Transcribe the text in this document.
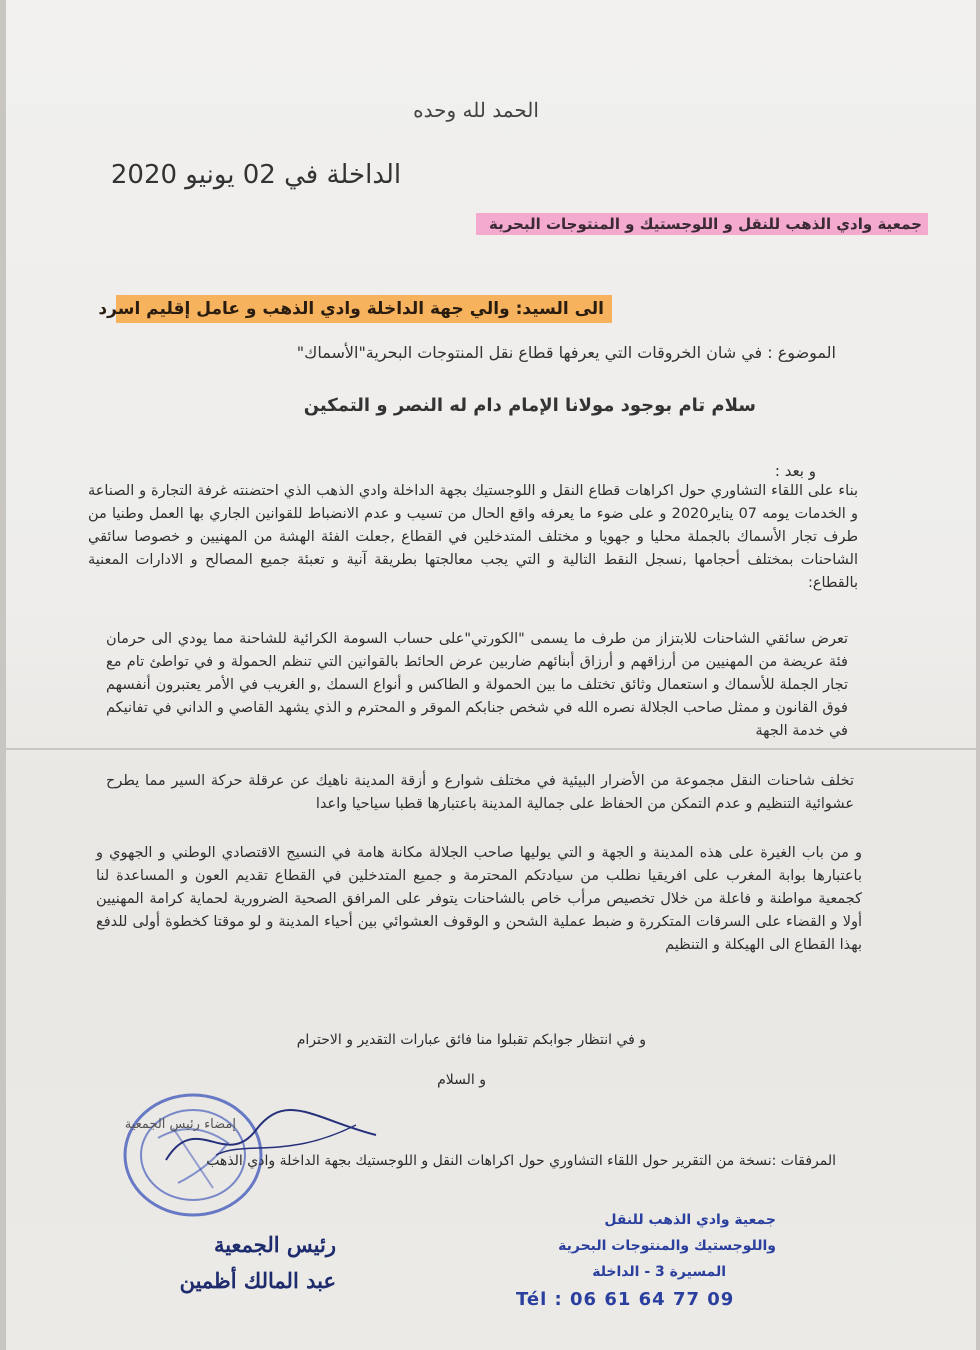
الحمد لله وحده
الداخلة في 02 يونيو 2020
جمعية وادي الذهب للنقل و اللوجستيك و المنتوجات البحرية
الى السيد: والي جهة الداخلة وادي الذهب و عامل إقليم اسرد
الموضوع : في شان الخروقات التي يعرفها قطاع نقل المنتوجات البحرية"الأسماك"
سلام تام بوجود مولانا الإمام دام له النصر و التمكين
و بعد :
بناء على اللقاء التشاوري حول اكراهات قطاع النقل و اللوجستيك بجهة الداخلة وادي الذهب الذي احتضنته غرفة التجارة و الصناعة و الخدمات يومه 07 يناير2020 و على ضوء ما يعرفه واقع الحال من تسيب و عدم الانضباط للقوانين الجاري بها العمل وطنيا من طرف تجار الأسماك بالجملة محليا و جهويا و مختلف المتدخلين في القطاع ,جعلت الفئة الهشة من المهنيين و خصوصا سائقي الشاحنات بمختلف أحجامها ,نسجل النقط التالية و التي يجب معالجتها بطريقة آنية و تعبئة جميع المصالح و الادارات المعنية بالقطاع:
تعرض سائقي الشاحنات للابتزاز من طرف ما يسمى "الكورتي"على حساب السومة الكرائية للشاحنة مما يودي الى حرمان فئة عريضة من المهنيين من أرزاقهم و أرزاق أبنائهم ضاربين عرض الحائط بالقوانين التي تنظم الحمولة و في تواطئ تام مع تجار الجملة للأسماك و استعمال وثائق تختلف ما بين الحمولة و الطاكس و أنواع السمك ,و الغريب في الأمر يعتبرون أنفسهم فوق القانون و ممثل صاحب الجلالة نصره الله في شخص جنابكم الموقر و المحترم و الذي يشهد القاصي و الداني في تفانيكم في خدمة الجهة
تخلف شاحنات النقل مجموعة من الأضرار البيئية في مختلف شوارع و أزقة المدينة ناهيك عن عرقلة حركة السير مما يطرح عشوائية التنظيم و عدم التمكن من الحفاظ على جمالية المدينة باعتبارها قطبا سياحيا واعدا
و من باب الغيرة على هذه المدينة و الجهة و التي يوليها صاحب الجلالة مكانة هامة في النسيج الاقتصادي الوطني و الجهوي و باعتبارها بوابة المغرب على افريقيا نطلب من سيادتكم المحترمة و جميع المتدخلين في القطاع تقديم العون و المساعدة لنا كجمعية مواطنة و فاعلة من خلال تخصيص مرأب خاص بالشاحنات يتوفر على المرافق الصحية الضرورية لحماية كرامة المهنيين أولا و القضاء على السرقات المتكررة و ضبط عملية الشحن و الوقوف العشوائي بين أحياء المدينة و لو موقتا كخطوة أولى للدفع بهذا القطاع الى الهيكلة و التنظيم
و في انتظار جوابكم تقبلوا منا فائق عبارات التقدير و الاحترام
و السلام
إمضاء رئيس الجمعية
المرفقات :نسخة من التقرير حول اللقاء التشاوري حول اكراهات النقل و اللوجستيك بجهة الداخلة وادي الذهب
رئيس الجمعية
عبد المالك أظمين
جمعية وادي الذهب للنقل
واللوجستيك والمنتوجات البحرية
المسيرة 3 - الداخلة
Tél : 06 61 64 77 09
